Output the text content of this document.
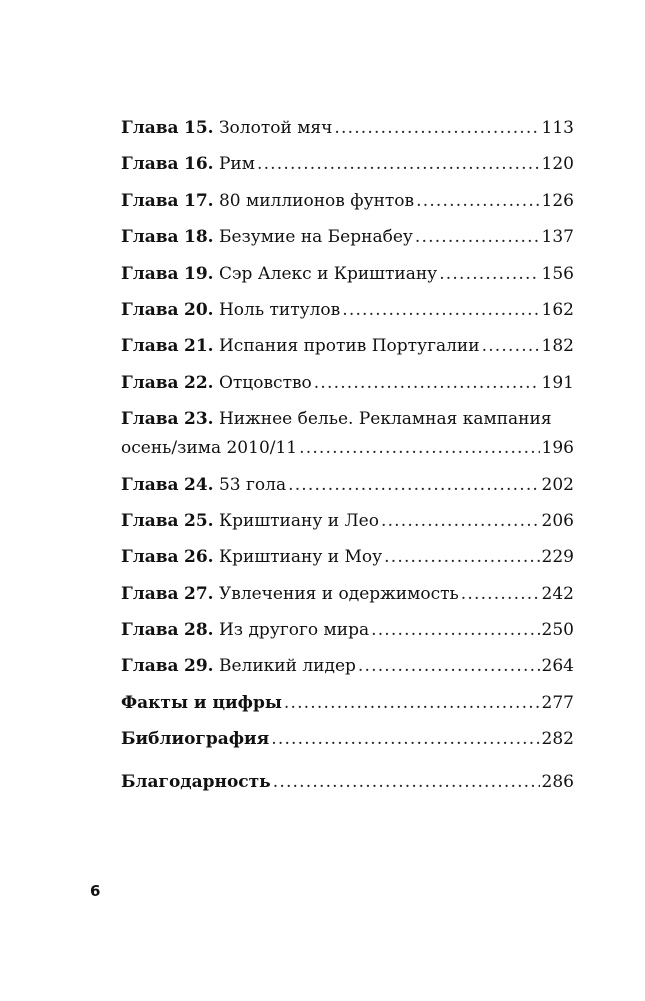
Глава 15. Золотой мяч .....	113
Глава 16. Рим .....	120
Глава 17. 80 миллионов фунтов .....	126
Глава 18. Безумие на Бернабеу .....	137
Глава 19. Сэр Алекс и Криштиану .....	156
Глава 20. Ноль титулов .....	162
Глава 21. Испания против Португалии .....	182
Глава 22. Отцовство .....	191
Глава 23. Нижнее белье. Рекламная кампания
осень/зима 2010/11 .....	196
Глава 24. 53 гола .....	202
Глава 25. Криштиану и Лео .....	206
Глава 26. Криштиану и Моу .....	229
Глава 27. Увлечения и одержимость .....	242
Глава 28. Из другого мира .....	250
Глава 29. Великий лидер .....	264
Факты и цифры .....	277
Библиография .....	282
Благодарность .....	286
6
